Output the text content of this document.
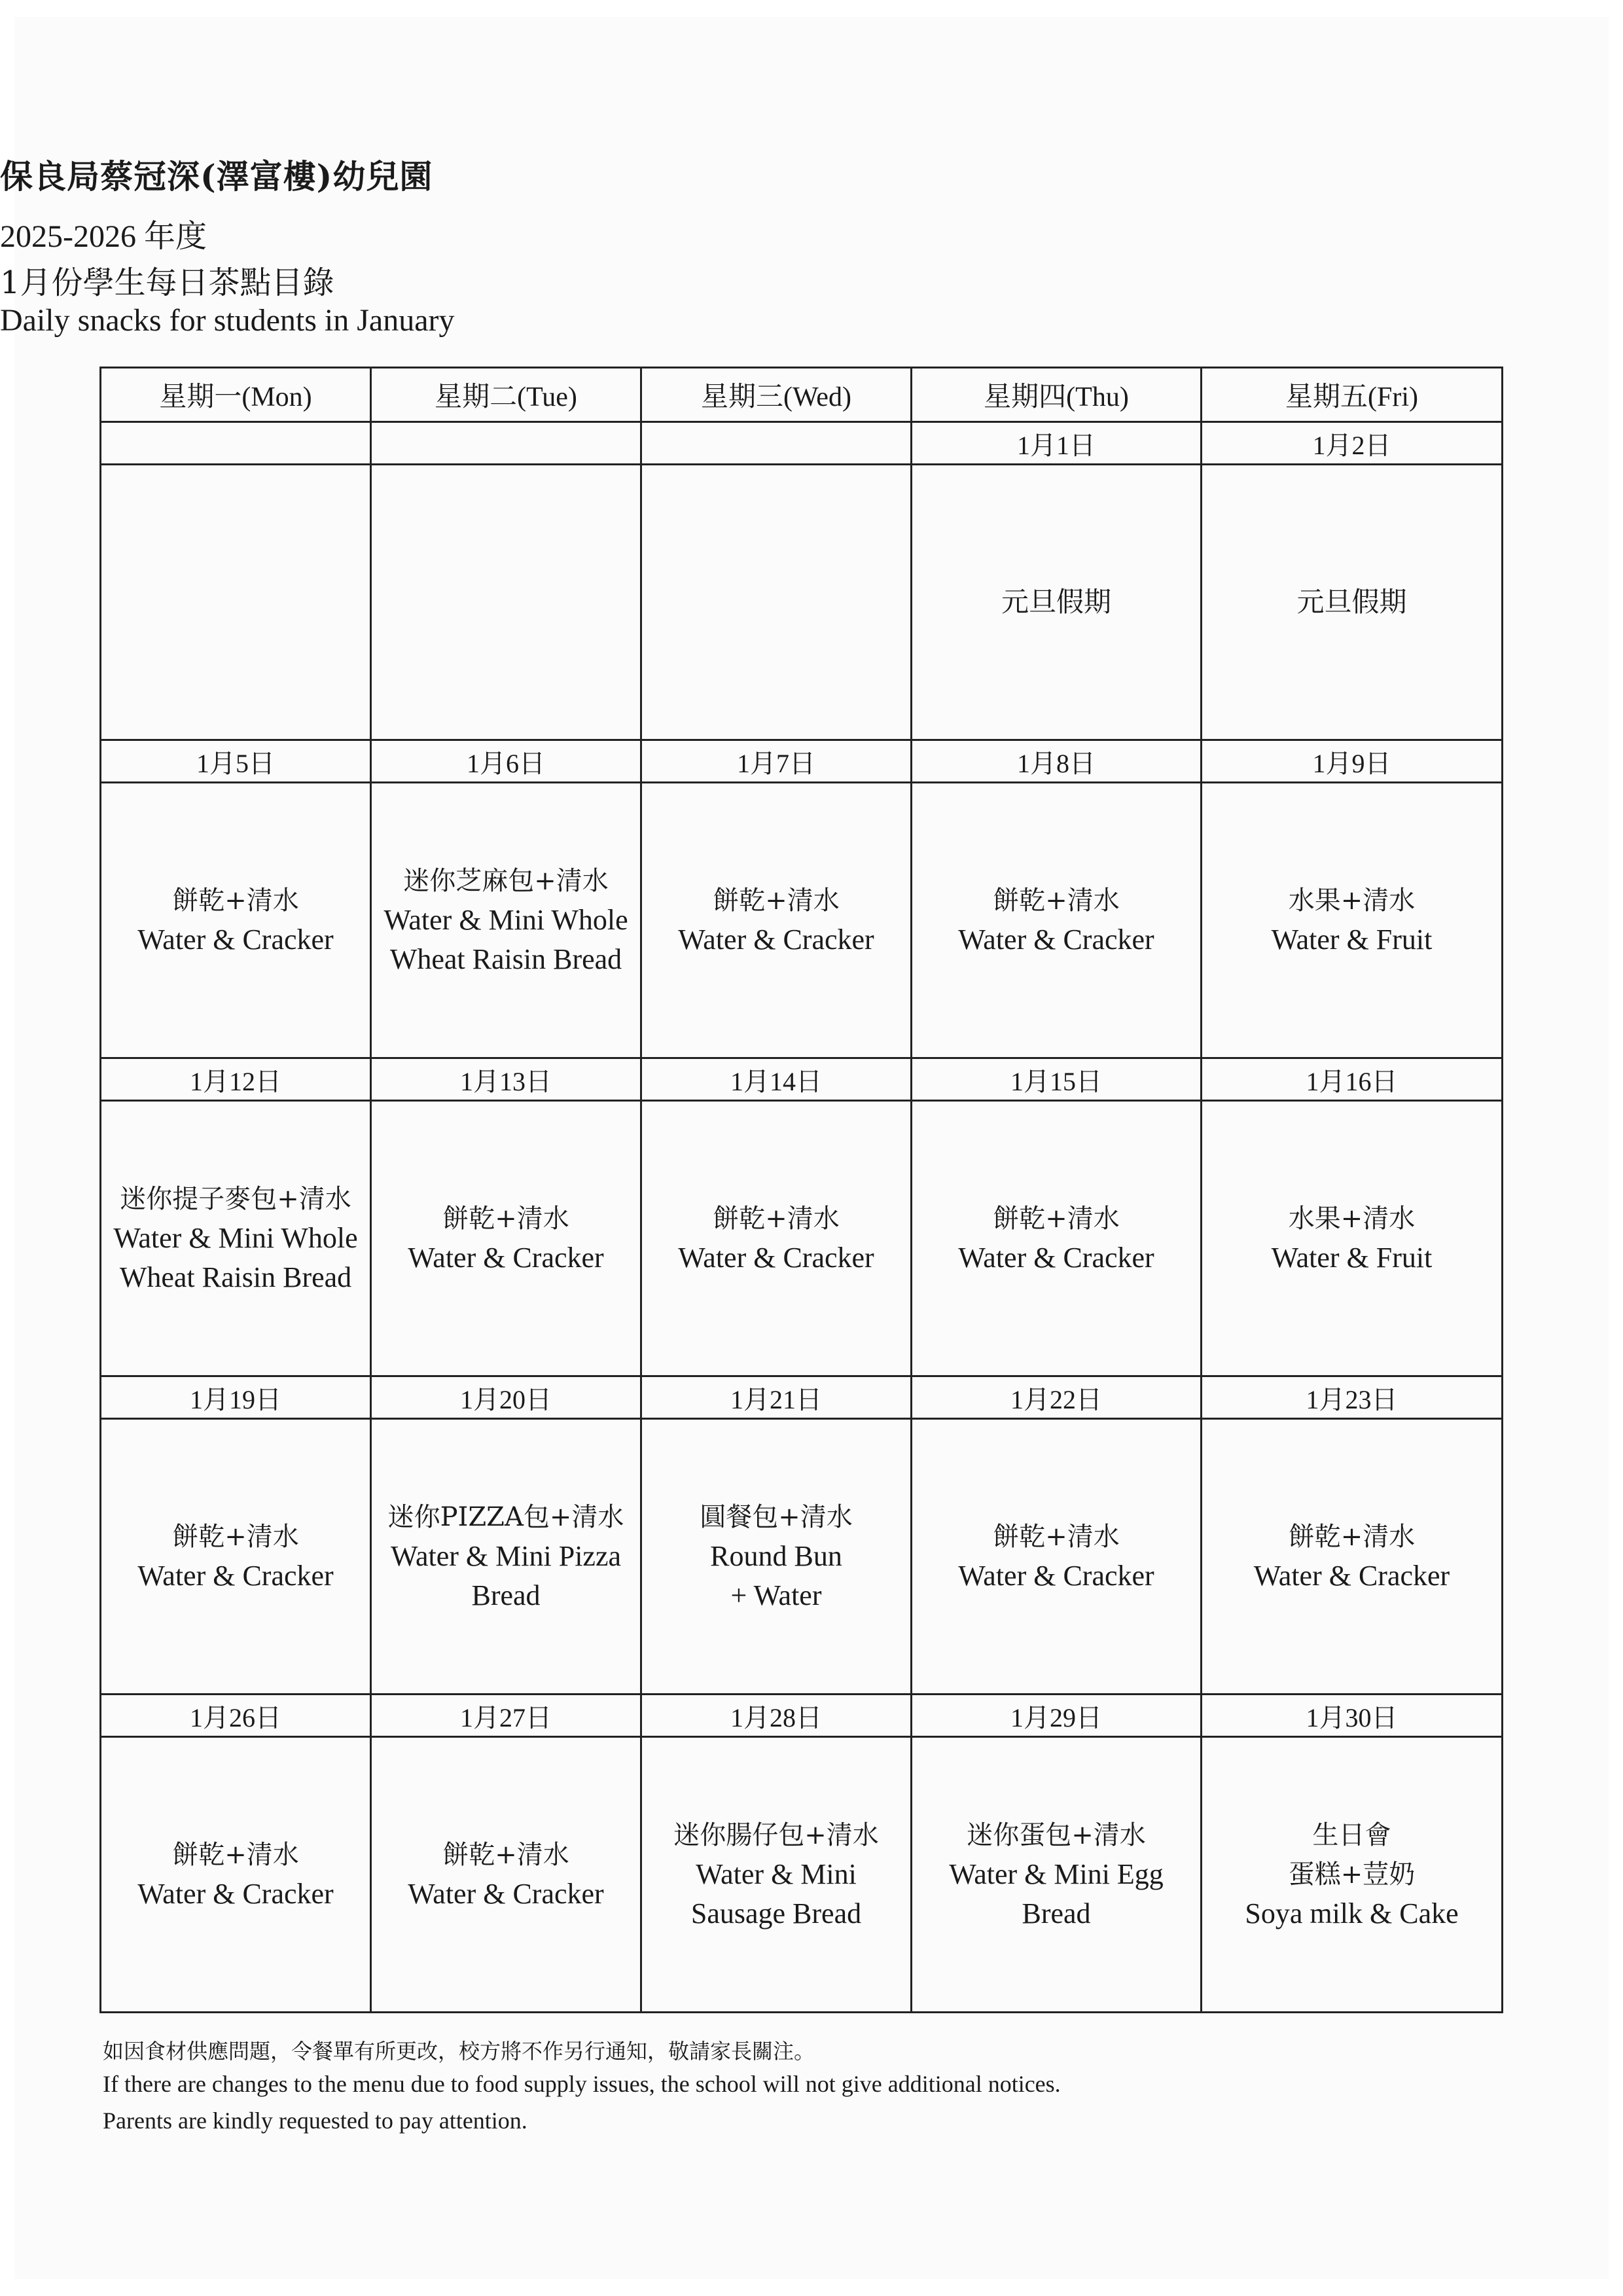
保良局蔡冠深(澤富樓)幼兒園
2025-2026 年度
1月份學生每日茶點目錄
Daily snacks for students in January
星期一(Mon)	星期二(Tue)	星期三(Wed)	星期四(Thu)	星期五(Fri)
			1月1日	1月2日
			元旦假期	元旦假期
1月5日	1月6日	1月7日	1月8日	1月9日

餅乾+清水
Water & Cracker	迷你芝麻包+清水
Water & Mini Whole
Wheat Raisin Bread	餅乾+清水
Water & Cracker	餅乾+清水
Water & Cracker	水果+清水
Water & Fruit

1月12日	1月13日	1月14日	1月15日	1月16日

迷你提子麥包+清水
Water & Mini Whole
Wheat Raisin Bread	餅乾+清水
Water & Cracker	餅乾+清水
Water & Cracker	餅乾+清水
Water & Cracker	水果+清水
Water & Fruit

1月19日	1月20日	1月21日	1月22日	1月23日

餅乾+清水
Water & Cracker	迷你PIZZA包+清水
Water & Mini Pizza
Bread	圓餐包+清水
Round Bun
+ Water	餅乾+清水
Water & Cracker	餅乾+清水
Water & Cracker

1月26日	1月27日	1月28日	1月29日	1月30日

餅乾+清水
Water & Cracker	餅乾+清水
Water & Cracker	迷你腸仔包+清水
Water & Mini
Sausage Bread	迷你蛋包+清水
Water & Mini Egg
Bread	生日會
蛋糕+荳奶
Soya milk & Cake
如因食材供應問題，令餐單有所更改，校方將不作另行通知，敬請家長關注。
If there are changes to the menu due to food supply issues, the school will not give additional notices.
Parents are kindly requested to pay attention.
